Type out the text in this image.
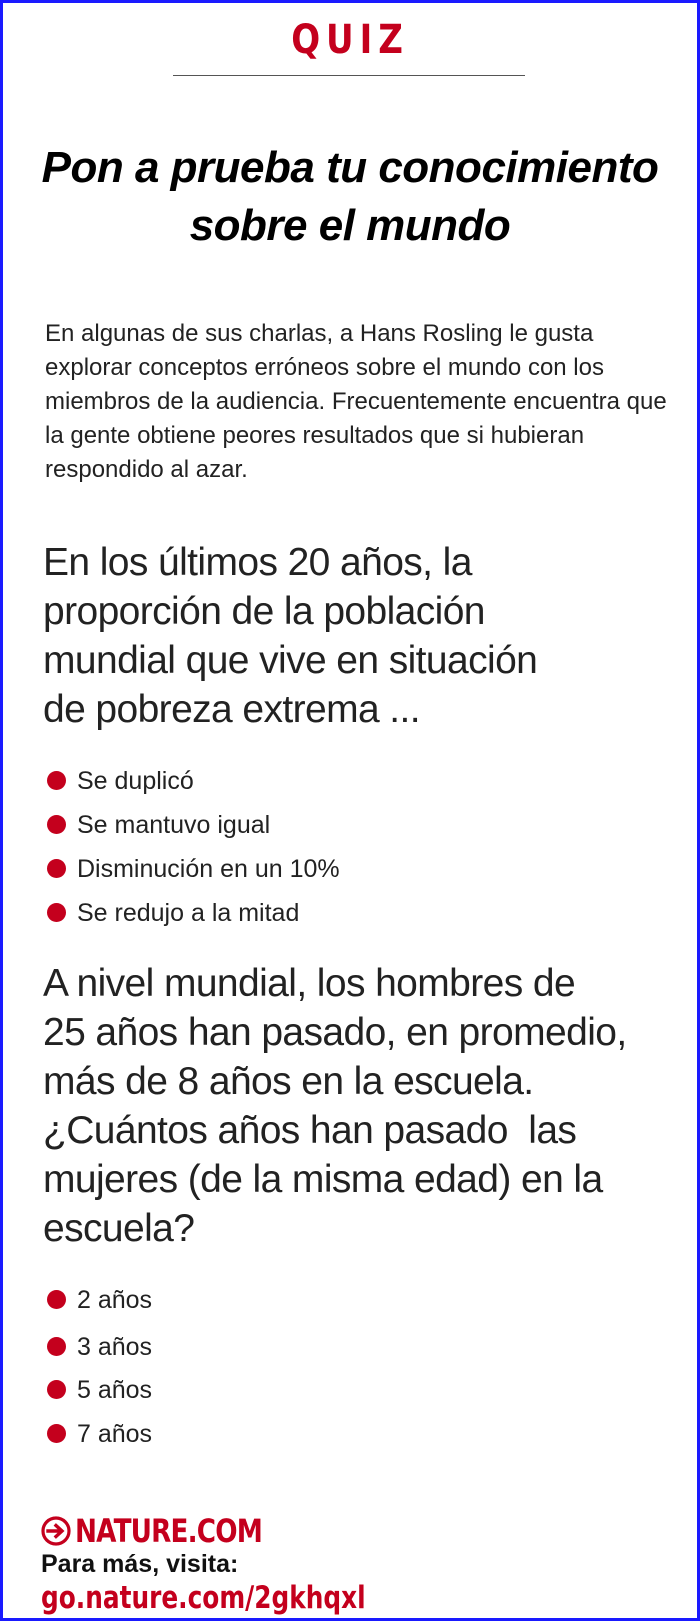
QUIZ
Pon a prueba tu conocimiento
sobre el mundo

En algunas de sus charlas, a Hans Rosling le gusta explorar conceptos erróneos sobre el mundo con los miembros de la audiencia. Frecuentemente encuentra que la gente obtiene peores resultados que si hubieran respondido al azar.

En los últimos 20 años, la
proporción de la población
mundial que vive en situación
de pobreza extrema ...
Se duplicó
Se mantuvo igual
Disminución en un 10%
Se redujo a la mitad
A nivel mundial, los hombres de
25 años han pasado, en promedio,
más de 8 años en la escuela.
¿Cuántos años han pasado  las
mujeres (de la misma edad) en la
escuela?
2 años
3 años
5 años
7 años
NATURE.COM
Para más, visita:
go.nature.com/2gkhqxl
